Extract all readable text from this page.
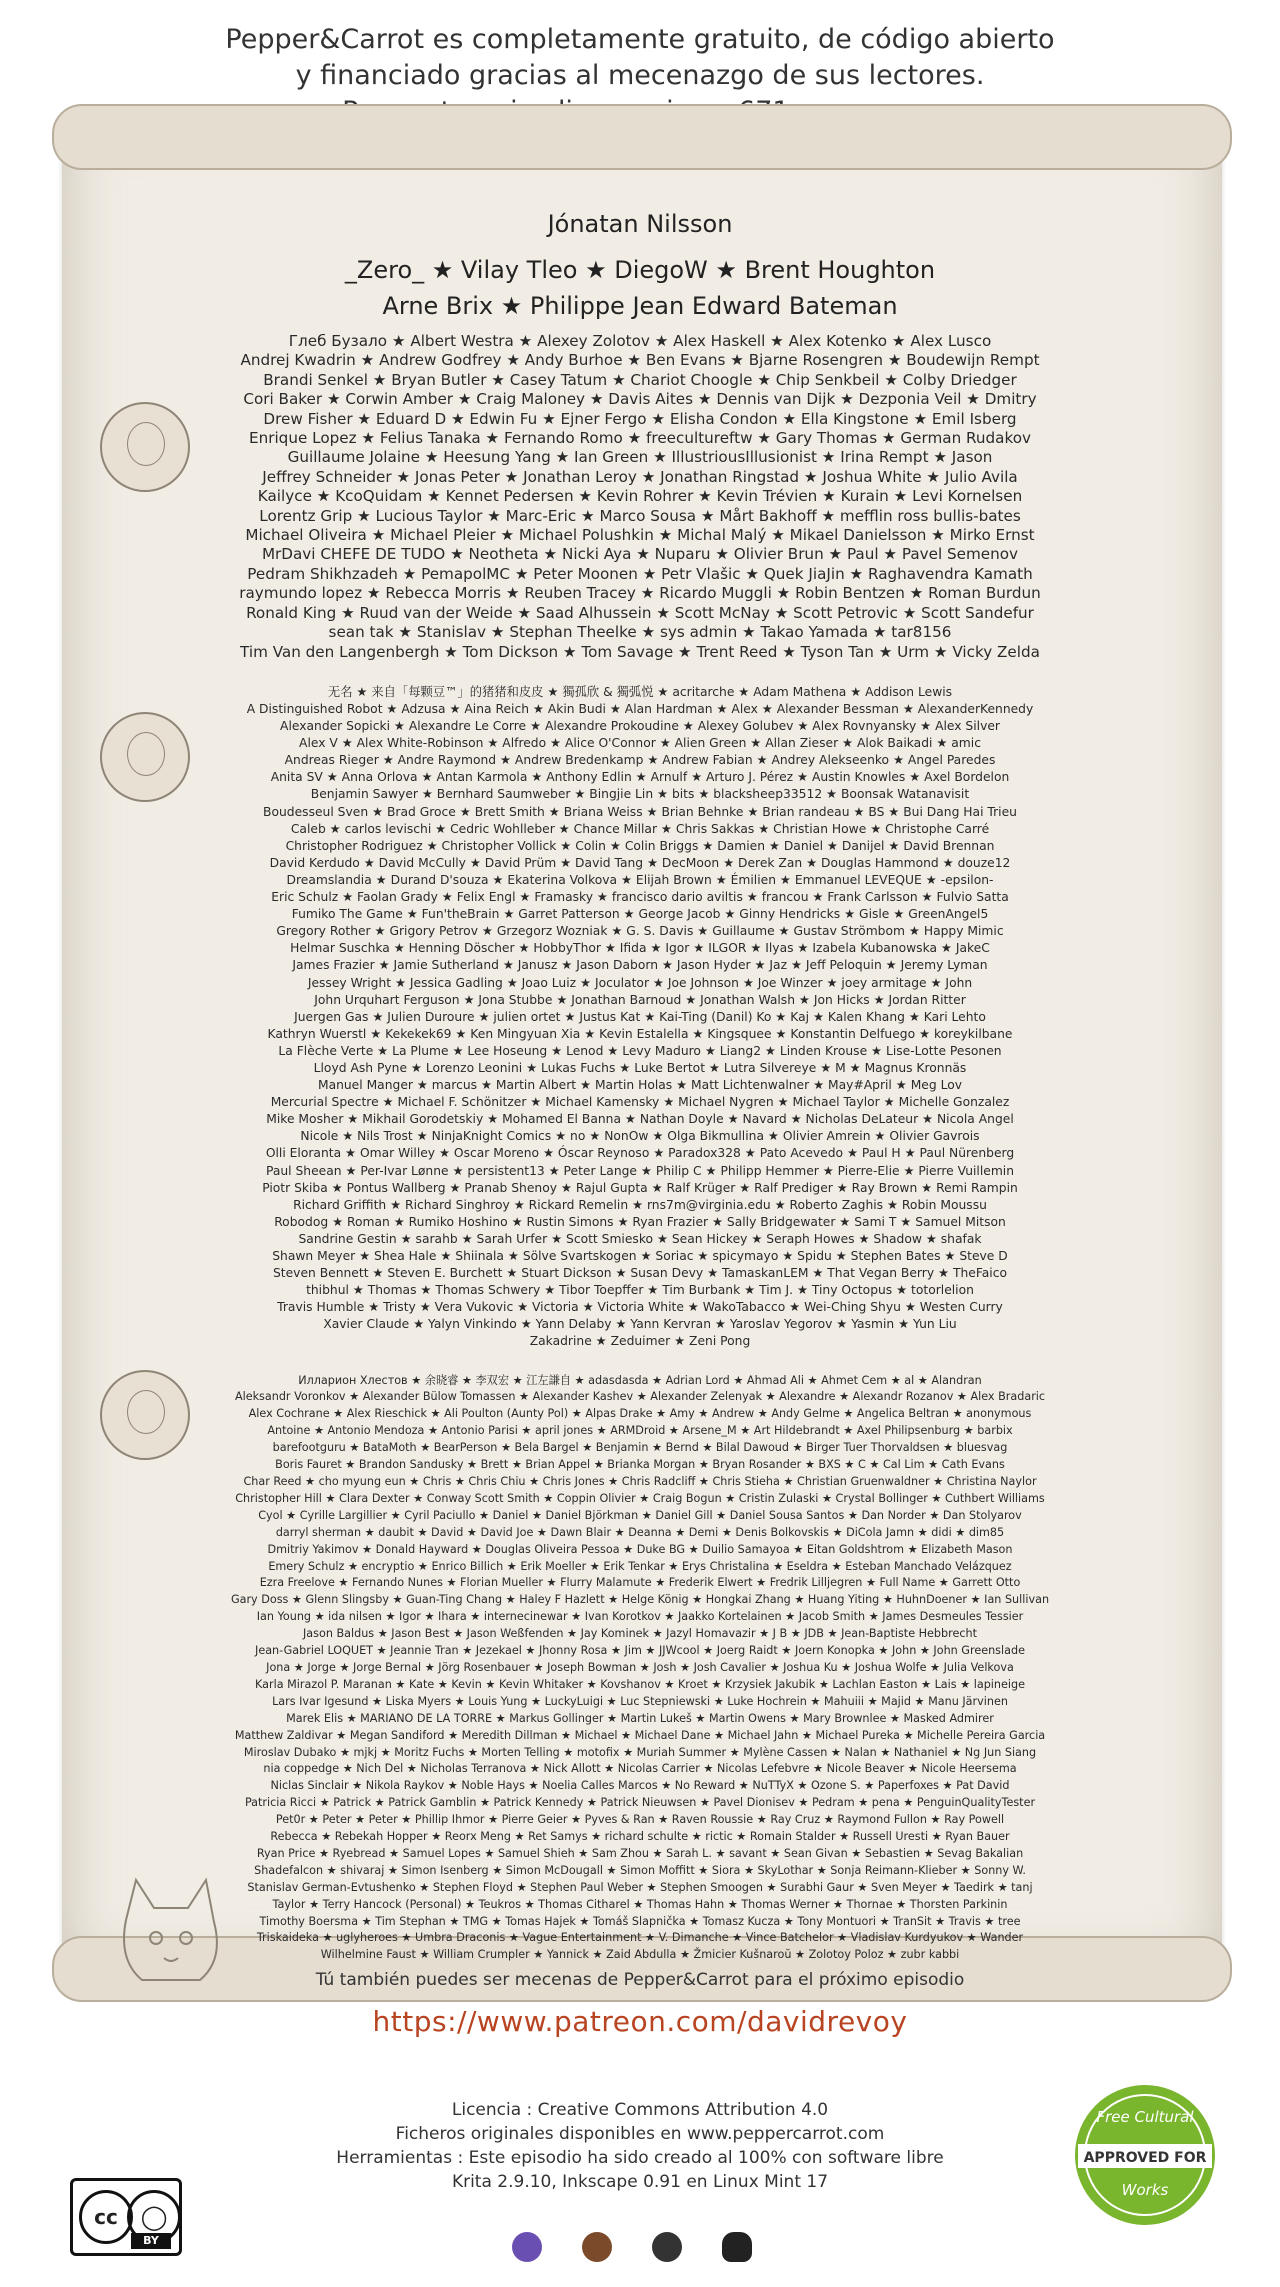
Pepper&Carrot es completamente gratuito, de código abierto
y financiado gracias al mecenazgo de sus lectores.
Jónatan Nilsson
_Zero_ ★ Vilay Tleo ★ DiegoW ★ Brent Houghton
Arne Brix ★ Philippe Jean Edward Bateman
Глеб Бузало ★ Albert Westra ★ Alexey Zolotov ★ Alex Haskell ★ Alex Kotenko ★ Alex Lusco
Andrej Kwadrin ★ Andrew Godfrey ★ Andy Burhoe ★ Ben Evans ★ Bjarne Rosengren ★ Boudewijn Rempt
Brandi Senkel ★ Bryan Butler ★ Casey Tatum ★ Chariot Choogle ★ Chip Senkbeil ★ Colby Driedger
Cori Baker ★ Corwin Amber ★ Craig Maloney ★ Davis Aites ★ Dennis van Dijk ★ Dezponia Veil ★ Dmitry
Drew Fisher ★ Eduard D ★ Edwin Fu ★ Ejner Fergo ★ Elisha Condon ★ Ella Kingstone ★ Emil Isberg
Enrique Lopez ★ Felius Tanaka ★ Fernando Romo ★ freecultureftw ★ Gary Thomas ★ German Rudakov
Guillaume Jolaine ★ Heesung Yang ★ Ian Green ★ IllustriousIllusionist ★ Irina Rempt ★ Jason
Jeffrey Schneider ★ Jonas Peter ★ Jonathan Leroy ★ Jonathan Ringstad ★ Joshua White ★ Julio Avila
Kailyce ★ KcoQuidam ★ Kennet Pedersen ★ Kevin Rohrer ★ Kevin Trévien ★ Kurain ★ Levi Kornelsen
Lorentz Grip ★ Lucious Taylor ★ Marc-Eric ★ Marco Sousa ★ Mårt Bakhoff ★ mefflin ross bullis-bates
Michael Oliveira ★ Michael Pleier ★ Michael Polushkin ★ Michal Malý ★ Mikael Danielsson ★ Mirko Ernst
MrDavi CHEFE DE TUDO ★ Neotheta ★ Nicki Aya ★ Nuparu ★ Olivier Brun ★ Paul ★ Pavel Semenov
Pedram Shikhzadeh ★ PemapolMC ★ Peter Moonen ★ Petr Vlašic ★ Quek JiaJin ★ Raghavendra Kamath
raymundo lopez ★ Rebecca Morris ★ Reuben Tracey ★ Ricardo Muggli ★ Robin Bentzen ★ Roman Burdun
Ronald King ★ Ruud van der Weide ★ Saad Alhussein ★ Scott McNay ★ Scott Petrovic ★ Scott Sandefur
sean tak ★ Stanislav ★ Stephan Theelke ★ sys admin ★ Takao Yamada ★ tar8156
Tim Van den Langenbergh ★ Tom Dickson ★ Tom Savage ★ Trent Reed ★ Tyson Tan ★ Urm ★ Vicky Zelda
无名 ★ 来自「每颗豆™」的猪猪和皮皮 ★ 獨孤欣 & 獨弧悦 ★ acritarche ★ Adam Mathena ★ Addison Lewis
A Distinguished Robot ★ Adzusa ★ Aina Reich ★ Akin Budi ★ Alan Hardman ★ Alex ★ Alexander Bessman ★ AlexanderKennedy
Alexander Sopicki ★ Alexandre Le Corre ★ Alexandre Prokoudine ★ Alexey Golubev ★ Alex Rovnyansky ★ Alex Silver
Alex V ★ Alex White-Robinson ★ Alfredo ★ Alice O'Connor ★ Alien Green ★ Allan Zieser ★ Alok Baikadi ★ amic
Andreas Rieger ★ Andre Raymond ★ Andrew Bredenkamp ★ Andrew Fabian ★ Andrey Alekseenko ★ Angel Paredes
Anita SV ★ Anna Orlova ★ Antan Karmola ★ Anthony Edlin ★ Arnulf ★ Arturo J. Pérez ★ Austin Knowles ★ Axel Bordelon
Benjamin Sawyer ★ Bernhard Saumweber ★ Bingjie Lin ★ bits ★ blacksheep33512 ★ Boonsak Watanavisit
Boudesseul Sven ★ Brad Groce ★ Brett Smith ★ Briana Weiss ★ Brian Behnke ★ Brian randeau ★ BS ★ Bui Dang Hai Trieu
Caleb ★ carlos levischi ★ Cedric Wohlleber ★ Chance Millar ★ Chris Sakkas ★ Christian Howe ★ Christophe Carré
Christopher Rodriguez ★ Christopher Vollick ★ Colin ★ Colin Briggs ★ Damien ★ Daniel ★ Danijel ★ David Brennan
David Kerdudo ★ David McCully ★ David Prüm ★ David Tang ★ DecMoon ★ Derek Zan ★ Douglas Hammond ★ douze12
Dreamslandia ★ Durand D'souza ★ Ekaterina Volkova ★ Elijah Brown ★ Émilien ★ Emmanuel LEVEQUE ★ -epsilon-
Eric Schulz ★ Faolan Grady ★ Felix Engl ★ Framasky ★ francisco dario aviltis ★ francou ★ Frank Carlsson ★ Fulvio Satta
Fumiko The Game ★ Fun'theBrain ★ Garret Patterson ★ George Jacob ★ Ginny Hendricks ★ Gisle ★ GreenAngel5
Gregory Rother ★ Grigory Petrov ★ Grzegorz Wozniak ★ G. S. Davis ★ Guillaume ★ Gustav Strömbom ★ Happy Mimic
Helmar Suschka ★ Henning Döscher ★ HobbyThor ★ Ifida ★ Igor ★ ILGOR ★ Ilyas ★ Izabela Kubanowska ★ JakeC
James Frazier ★ Jamie Sutherland ★ Janusz ★ Jason Daborn ★ Jason Hyder ★ Jaz ★ Jeff Peloquin ★ Jeremy Lyman
Jessey Wright ★ Jessica Gadling ★ Joao Luiz ★ Joculator ★ Joe Johnson ★ Joe Winzer ★ joey armitage ★ John
John Urquhart Ferguson ★ Jona Stubbe ★ Jonathan Barnoud ★ Jonathan Walsh ★ Jon Hicks ★ Jordan Ritter
Juergen Gas ★ Julien Duroure ★ julien ortet ★ Justus Kat ★ Kai-Ting (Danil) Ko ★ Kaj ★ Kalen Khang ★ Kari Lehto
Kathryn Wuerstl ★ Kekekek69 ★ Ken Mingyuan Xia ★ Kevin Estalella ★ Kingsquee ★ Konstantin Delfuego ★ koreykilbane
La Flèche Verte ★ La Plume ★ Lee Hoseung ★ Lenod ★ Levy Maduro ★ Liang2 ★ Linden Krouse ★ Lise-Lotte Pesonen
Lloyd Ash Pyne ★ Lorenzo Leonini ★ Lukas Fuchs ★ Luke Bertot ★ Lutra Silvereye ★ M ★ Magnus Kronnäs
Manuel Manger ★ marcus ★ Martin Albert ★ Martin Holas ★ Matt Lichtenwalner ★ May#April ★ Meg Lov
Mercurial Spectre ★ Michael F. Schönitzer ★ Michael Kamensky ★ Michael Nygren ★ Michael Taylor ★ Michelle Gonzalez
Mike Mosher ★ Mikhail Gorodetskiy ★ Mohamed El Banna ★ Nathan Doyle ★ Navard ★ Nicholas DeLateur ★ Nicola Angel
Nicole ★ Nils Trost ★ NinjaKnight Comics ★ no ★ NonOw ★ Olga Bikmullina ★ Olivier Amrein ★ Olivier Gavrois
Olli Eloranta ★ Omar Willey ★ Oscar Moreno ★ Óscar Reynoso ★ Paradox328 ★ Pato Acevedo ★ Paul H ★ Paul Nürenberg
Paul Sheean ★ Per-Ivar Lønne ★ persistent13 ★ Peter Lange ★ Philip C ★ Philipp Hemmer ★ Pierre-Elie ★ Pierre Vuillemin
Piotr Skiba ★ Pontus Wallberg ★ Pranab Shenoy ★ Rajul Gupta ★ Ralf Krüger ★ Ralf Prediger ★ Ray Brown ★ Remi Rampin
Richard Griffith ★ Richard Singhroy ★ Rickard Remelin ★ rns7m@virginia.edu ★ Roberto Zaghis ★ Robin Moussu
Robodog ★ Roman ★ Rumiko Hoshino ★ Rustin Simons ★ Ryan Frazier ★ Sally Bridgewater ★ Sami T ★ Samuel Mitson
Sandrine Gestin ★ sarahb ★ Sarah Urfer ★ Scott Smiesko ★ Sean Hickey ★ Seraph Howes ★ Shadow ★ shafak
Shawn Meyer ★ Shea Hale ★ Shiinala ★ Sölve Svartskogen ★ Soriac ★ spicymayo ★ Spidu ★ Stephen Bates ★ Steve D
Steven Bennett ★ Steven E. Burchett ★ Stuart Dickson ★ Susan Devy ★ TamaskanLEM ★ That Vegan Berry ★ TheFaico
thibhul ★ Thomas ★ Thomas Schwery ★ Tibor Toepffer ★ Tim Burbank ★ Tim J. ★ Tiny Octopus ★ totorlelion
Travis Humble ★ Tristy ★ Vera Vukovic ★ Victoria ★ Victoria White ★ WakoTabacco ★ Wei-Ching Shyu ★ Westen Curry
Xavier Claude ★ Yalyn Vinkindo ★ Yann Delaby ★ Yann Kervran ★ Yaroslav Yegorov ★ Yasmin ★ Yun Liu
Zakadrine ★ Zeduimer ★ Zeni Pong
Илларион Хлестов ★ 余晓睿 ★ 李双宏 ★ 江左謙自 ★ adasdasda ★ Adrian Lord ★ Ahmad Ali ★ Ahmet Cem ★ al ★ Alandran
Aleksandr Voronkov ★ Alexander Bülow Tomassen ★ Alexander Kashev ★ Alexander Zelenyak ★ Alexandre ★ Alexandr Rozanov ★ Alex Bradaric
Alex Cochrane ★ Alex Rieschick ★ Ali Poulton (Aunty Pol) ★ Alpas Drake ★ Amy ★ Andrew ★ Andy Gelme ★ Angelica Beltran ★ anonymous
Antoine ★ Antonio Mendoza ★ Antonio Parisi ★ april jones ★ ARMDroid ★ Arsene_M ★ Art Hildebrandt ★ Axel Philipsenburg ★ barbix
barefootguru ★ BataMoth ★ BearPerson ★ Bela Bargel ★ Benjamin ★ Bernd ★ Bilal Dawoud ★ Birger Tuer Thorvaldsen ★ bluesvag
Boris Fauret ★ Brandon Sandusky ★ Brett ★ Brian Appel ★ Brianka Morgan ★ Bryan Rosander ★ BXS ★ C ★ Cal Lim ★ Cath Evans
Char Reed ★ cho myung eun ★ Chris ★ Chris Chiu ★ Chris Jones ★ Chris Radcliff ★ Chris Stieha ★ Christian Gruenwaldner ★ Christina Naylor
Christopher Hill ★ Clara Dexter ★ Conway Scott Smith ★ Coppin Olivier ★ Craig Bogun ★ Cristin Zulaski ★ Crystal Bollinger ★ Cuthbert Williams
Cyol ★ Cyrille Largillier ★ Cyril Paciullo ★ Daniel ★ Daniel Björkman ★ Daniel Gill ★ Daniel Sousa Santos ★ Dan Norder ★ Dan Stolyarov
darryl sherman ★ daubit ★ David ★ David Joe ★ Dawn Blair ★ Deanna ★ Demi ★ Denis Bolkovskis ★ DiCola Jamn ★ didi ★ dim85
Dmitriy Yakimov ★ Donald Hayward ★ Douglas Oliveira Pessoa ★ Duke BG ★ Duilio Samayoa ★ Eitan Goldshtrom ★ Elizabeth Mason
Emery Schulz ★ encryptio ★ Enrico Billich ★ Erik Moeller ★ Erik Tenkar ★ Erys Christalina ★ Eseldra ★ Esteban Manchado Velázquez
Ezra Freelove ★ Fernando Nunes ★ Florian Mueller ★ Flurry Malamute ★ Frederik Elwert ★ Fredrik Lilljegren ★ Full Name ★ Garrett Otto
Gary Doss ★ Glenn Slingsby ★ Guan-Ting Chang ★ Haley F Hazlett ★ Helge König ★ Hongkai Zhang ★ Huang Yiting ★ HuhnDoener ★ Ian Sullivan
Ian Young ★ ida nilsen ★ Igor ★ Ihara ★ internecinewar ★ Ivan Korotkov ★ Jaakko Kortelainen ★ Jacob Smith ★ James Desmeules Tessier
Jason Baldus ★ Jason Best ★ Jason Weßfenden ★ Jay Kominek ★ Jazyl Homavazir ★ J B ★ JDB ★ Jean-Baptiste Hebbrecht
Jean-Gabriel LOQUET ★ Jeannie Tran ★ Jezekael ★ Jhonny Rosa ★ Jim ★ JJWcool ★ Joerg Raidt ★ Joern Konopka ★ John ★ John Greenslade
Jona ★ Jorge ★ Jorge Bernal ★ Jörg Rosenbauer ★ Joseph Bowman ★ Josh ★ Josh Cavalier ★ Joshua Ku ★ Joshua Wolfe ★ Julia Velkova
Karla Mirazol P. Maranan ★ Kate ★ Kevin ★ Kevin Whitaker ★ Kovshanov ★ Kroet ★ Krzysiek Jakubik ★ Lachlan Easton ★ Lais ★ lapineige
Lars Ivar Igesund ★ Liska Myers ★ Louis Yung ★ LuckyLuigi ★ Luc Stepniewski ★ Luke Hochrein ★ Mahuiii ★ Majid ★ Manu Järvinen
Marek Elis ★ MARIANO DE LA TORRE ★ Markus Gollinger ★ Martin Lukeš ★ Martin Owens ★ Mary Brownlee ★ Masked Admirer
Matthew Zaldivar ★ Megan Sandiford ★ Meredith Dillman ★ Michael ★ Michael Dane ★ Michael Jahn ★ Michael Pureka ★ Michelle Pereira Garcia
Miroslav Dubako ★ mjkj ★ Moritz Fuchs ★ Morten Telling ★ motofix ★ Muriah Summer ★ Mylène Cassen ★ Nalan ★ Nathaniel ★ Ng Jun Siang
nia coppedge ★ Nich Del ★ Nicholas Terranova ★ Nick Allott ★ Nicolas Carrier ★ Nicolas Lefebvre ★ Nicole Beaver ★ Nicole Heersema
Niclas Sinclair ★ Nikola Raykov ★ Noble Hays ★ Noelia Calles Marcos ★ No Reward ★ NuTTyX ★ Ozone S. ★ Paperfoxes ★ Pat David
Patricia Ricci ★ Patrick ★ Patrick Gamblin ★ Patrick Kennedy ★ Patrick Nieuwsen ★ Pavel Dionisev ★ Pedram ★ pena ★ PenguinQualityTester
Pet0r ★ Peter ★ Peter ★ Phillip Ihmor ★ Pierre Geier ★ Pyves & Ran ★ Raven Roussie ★ Ray Cruz ★ Raymond Fullon ★ Ray Powell
Rebecca ★ Rebekah Hopper ★ Reorx Meng ★ Ret Samys ★ richard schulte ★ rictic ★ Romain Stalder ★ Russell Uresti ★ Ryan Bauer
Ryan Price ★ Ryebread ★ Samuel Lopes ★ Samuel Shieh ★ Sam Zhou ★ Sarah L. ★ savant ★ Sean Givan ★ Sebastien ★ Sevag Bakalian
Shadefalcon ★ shivaraj ★ Simon Isenberg ★ Simon McDougall ★ Simon Moffitt ★ Siora ★ SkyLothar ★ Sonja Reimann-Klieber ★ Sonny W.
Stanislav German-Evtushenko ★ Stephen Floyd ★ Stephen Paul Weber ★ Stephen Smoogen ★ Surabhi Gaur ★ Sven Meyer ★ Taedirk ★ tanj
Taylor ★ Terry Hancock (Personal) ★ Teukros ★ Thomas Citharel ★ Thomas Hahn ★ Thomas Werner ★ Thornae ★ Thorsten Parkinin
Timothy Boersma ★ Tim Stephan ★ TMG ★ Tomas Hajek ★ Tomáš Slapnička ★ Tomasz Kucza ★ Tony Montuori ★ TranSit ★ Travis ★ tree
Triskaideka ★ uglyheroes ★ Umbra Draconis ★ Vague Entertainment ★ V. Dimanche ★ Vince Batchelor ★ Vladislav Kurdyukov ★ Wander
Wilhelmine Faust ★ William Crumpler ★ Yannick ★ Zaid Abdulla ★ Žmicier Kušnaroŭ ★ Zolotoy Poloz ★ zubr kabbi
Tú también puedes ser mecenas de Pepper&Carrot para el próximo episodio
https://www.patreon.com/davidrevoy
Licencia : Creative Commons Attribution 4.0
Ficheros originales disponibles en www.peppercarrot.com
Herramientas : Este episodio ha sido creado al 100% con software libre
Krita 2.9.10, Inkscape 0.91 en Linux Mint 17
cc ◯
BY
Free Cultural
APPROVED FOR
Works
